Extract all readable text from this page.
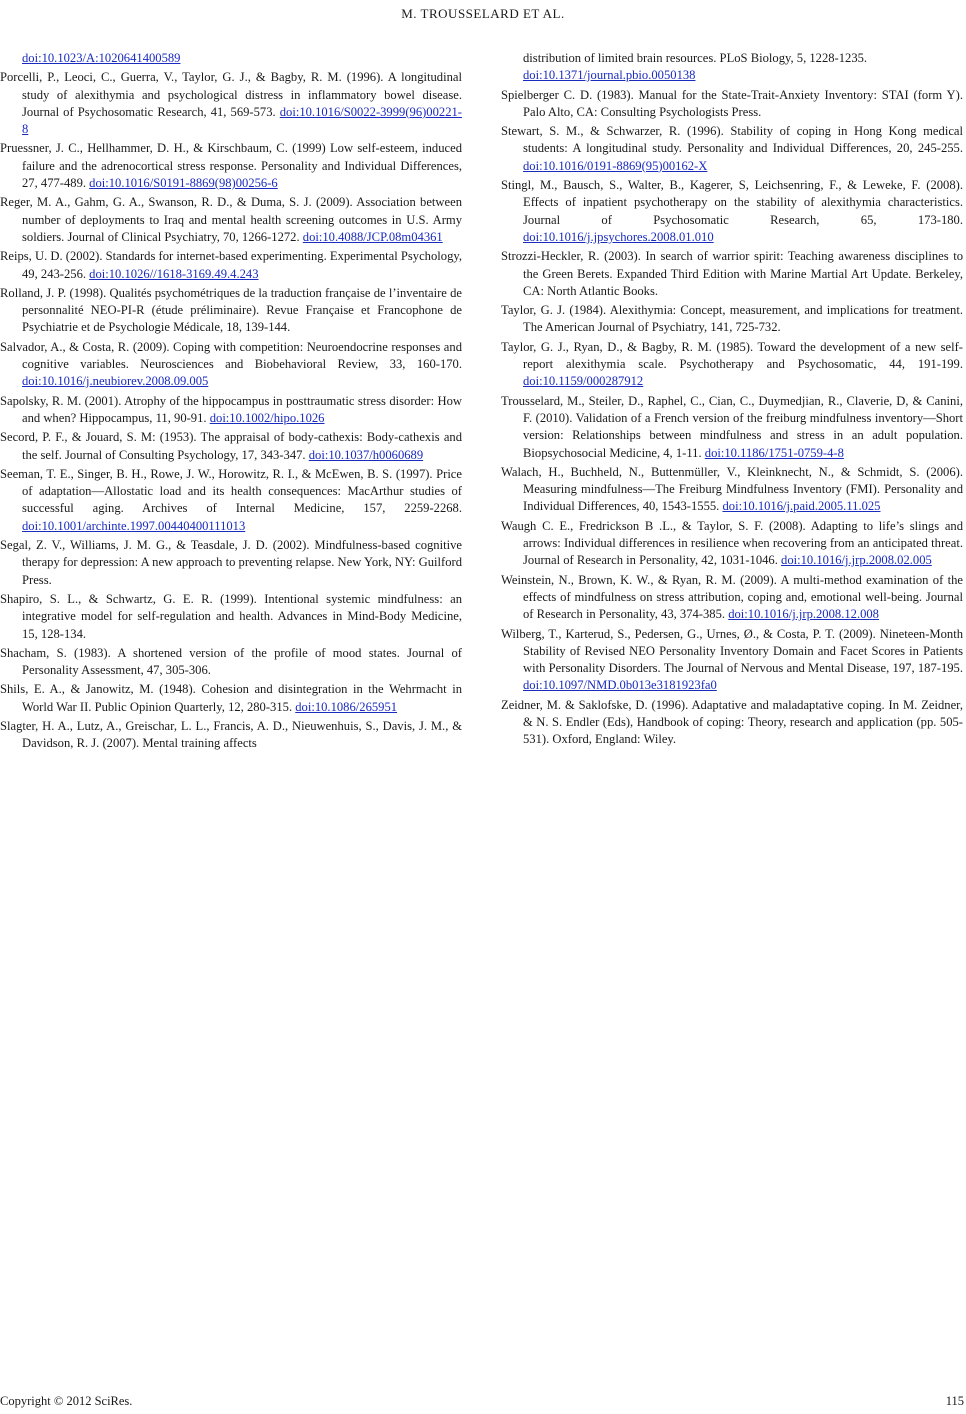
M. TROUSSELARD ET AL.
doi:10.1023/A:1020641400589
Porcelli, P., Leoci, C., Guerra, V., Taylor, G. J., & Bagby, R. M. (1996). A longitudinal study of alexithymia and psychological distress in inflammatory bowel disease. Journal of Psychosomatic Research, 41, 569-573. doi:10.1016/S0022-3999(96)00221-8
Pruessner, J. C., Hellhammer, D. H., & Kirschbaum, C. (1999) Low self-esteem, induced failure and the adrenocortical stress response. Personality and Individual Differences, 27, 477-489. doi:10.1016/S0191-8869(98)00256-6
Reger, M. A., Gahm, G. A., Swanson, R. D., & Duma, S. J. (2009). Association between number of deployments to Iraq and mental health screening outcomes in U.S. Army soldiers. Journal of Clinical Psychiatry, 70, 1266-1272. doi:10.4088/JCP.08m04361
Reips, U. D. (2002). Standards for internet-based experimenting. Experimental Psychology, 49, 243-256. doi:10.1026//1618-3169.49.4.243
Rolland, J. P. (1998). Qualités psychométriques de la traduction française de l’inventaire de personnalité NEO-PI-R (étude préliminaire). Revue Française et Francophone de Psychiatrie et de Psychologie Médicale, 18, 139-144.
Salvador, A., & Costa, R. (2009). Coping with competition: Neuroendocrine responses and cognitive variables. Neurosciences and Biobehavioral Review, 33, 160-170. doi:10.1016/j.neubiorev.2008.09.005
Sapolsky, R. M. (2001). Atrophy of the hippocampus in posttraumatic stress disorder: How and when? Hippocampus, 11, 90-91. doi:10.1002/hipo.1026
Secord, P. F., & Jouard, S. M: (1953). The appraisal of body-cathexis: Body-cathexis and the self. Journal of Consulting Psychology, 17, 343-347. doi:10.1037/h0060689
Seeman, T. E., Singer, B. H., Rowe, J. W., Horowitz, R. I., & McEwen, B. S. (1997). Price of adaptation—Allostatic load and its health consequences: MacArthur studies of successful aging. Archives of Internal Medicine, 157, 2259-2268. doi:10.1001/archinte.1997.00440400111013
Segal, Z. V., Williams, J. M. G., & Teasdale, J. D. (2002). Mindfulness-based cognitive therapy for depression: A new approach to preventing relapse. New York, NY: Guilford Press.
Shapiro, S. L., & Schwartz, G. E. R. (1999). Intentional systemic mindfulness: an integrative model for self-regulation and health. Advances in Mind-Body Medicine, 15, 128-134.
Shacham, S. (1983). A shortened version of the profile of mood states. Journal of Personality Assessment, 47, 305-306.
Shils, E. A., & Janowitz, M. (1948). Cohesion and disintegration in the Wehrmacht in World War II. Public Opinion Quarterly, 12, 280-315. doi:10.1086/265951
Slagter, H. A., Lutz, A., Greischar, L. L., Francis, A. D., Nieuwenhuis, S., Davis, J. M., & Davidson, R. J. (2007). Mental training affects
distribution of limited brain resources. PLoS Biology, 5, 1228-1235. doi:10.1371/journal.pbio.0050138
Spielberger C. D. (1983). Manual for the State-Trait-Anxiety Inventory: STAI (form Y). Palo Alto, CA: Consulting Psychologists Press.
Stewart, S. M., & Schwarzer, R. (1996). Stability of coping in Hong Kong medical students: A longitudinal study. Personality and Individual Differences, 20, 245-255. doi:10.1016/0191-8869(95)00162-X
Stingl, M., Bausch, S., Walter, B., Kagerer, S, Leichsenring, F., & Leweke, F. (2008). Effects of inpatient psychotherapy on the stability of alexithymia characteristics. Journal of Psychosomatic Research, 65, 173-180. doi:10.1016/j.jpsychores.2008.01.010
Strozzi-Heckler, R. (2003). In search of warrior spirit: Teaching awareness disciplines to the Green Berets. Expanded Third Edition with Marine Martial Art Update. Berkeley, CA: North Atlantic Books.
Taylor, G. J. (1984). Alexithymia: Concept, measurement, and implications for treatment. The American Journal of Psychiatry, 141, 725-732.
Taylor, G. J., Ryan, D., & Bagby, R. M. (1985). Toward the development of a new self-report alexithymia scale. Psychotherapy and Psychosomatic, 44, 191-199. doi:10.1159/000287912
Trousselard, M., Steiler, D., Raphel, C., Cian, C., Duymedjian, R., Claverie, D, & Canini, F. (2010). Validation of a French version of the freiburg mindfulness inventory—Short version: Relationships between mindfulness and stress in an adult population. Biopsychosocial Medicine, 4, 1-11. doi:10.1186/1751-0759-4-8
Walach, H., Buchheld, N., Buttenmüller, V., Kleinknecht, N., & Schmidt, S. (2006). Measuring mindfulness—The Freiburg Mindfulness Inventory (FMI). Personality and Individual Differences, 40, 1543-1555. doi:10.1016/j.paid.2005.11.025
Waugh C. E., Fredrickson B .L., & Taylor, S. F. (2008). Adapting to life’s slings and arrows: Individual differences in resilience when recovering from an anticipated threat. Journal of Research in Personality, 42, 1031-1046. doi:10.1016/j.jrp.2008.02.005
Weinstein, N., Brown, K. W., & Ryan, R. M. (2009). A multi-method examination of the effects of mindfulness on stress attribution, coping and, emotional well-being. Journal of Research in Personality, 43, 374-385. doi:10.1016/j.jrp.2008.12.008
Wilberg, T., Karterud, S., Pedersen, G., Urnes, Ø., & Costa, P. T. (2009). Nineteen-Month Stability of Revised NEO Personality Inventory Domain and Facet Scores in Patients with Personality Disorders. The Journal of Nervous and Mental Disease, 197, 187-195. doi:10.1097/NMD.0b013e3181923fa0
Zeidner, M. & Saklofske, D. (1996). Adaptative and maladaptative coping. In M. Zeidner, & N. S. Endler (Eds), Handbook of coping: Theory, research and application (pp. 505-531). Oxford, England: Wiley.
Copyright © 2012 SciRes.	115
